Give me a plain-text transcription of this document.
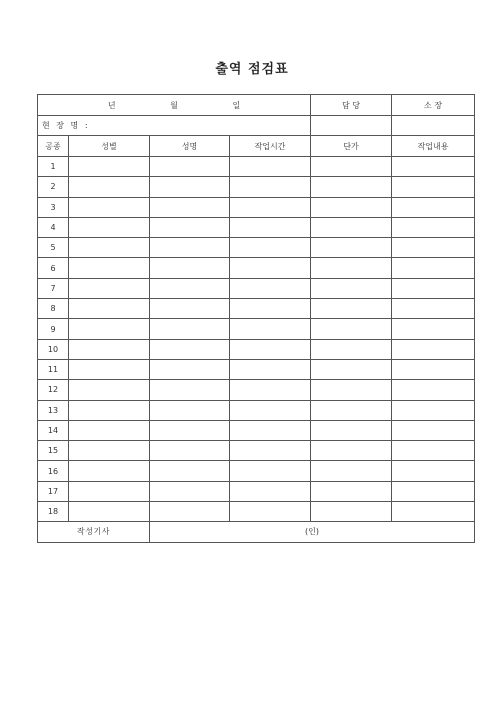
출역 점검표
년 월 일				담 당	소 장
현 장 명 :					
공종	성별	성명	작업시간	단가	작업내용
1					
2					
3					
4					
5					
6					
7					
8					
9					
10					
11					
12					
13					
14					
15					
16					
17					
18					
작성기사		(인)			
